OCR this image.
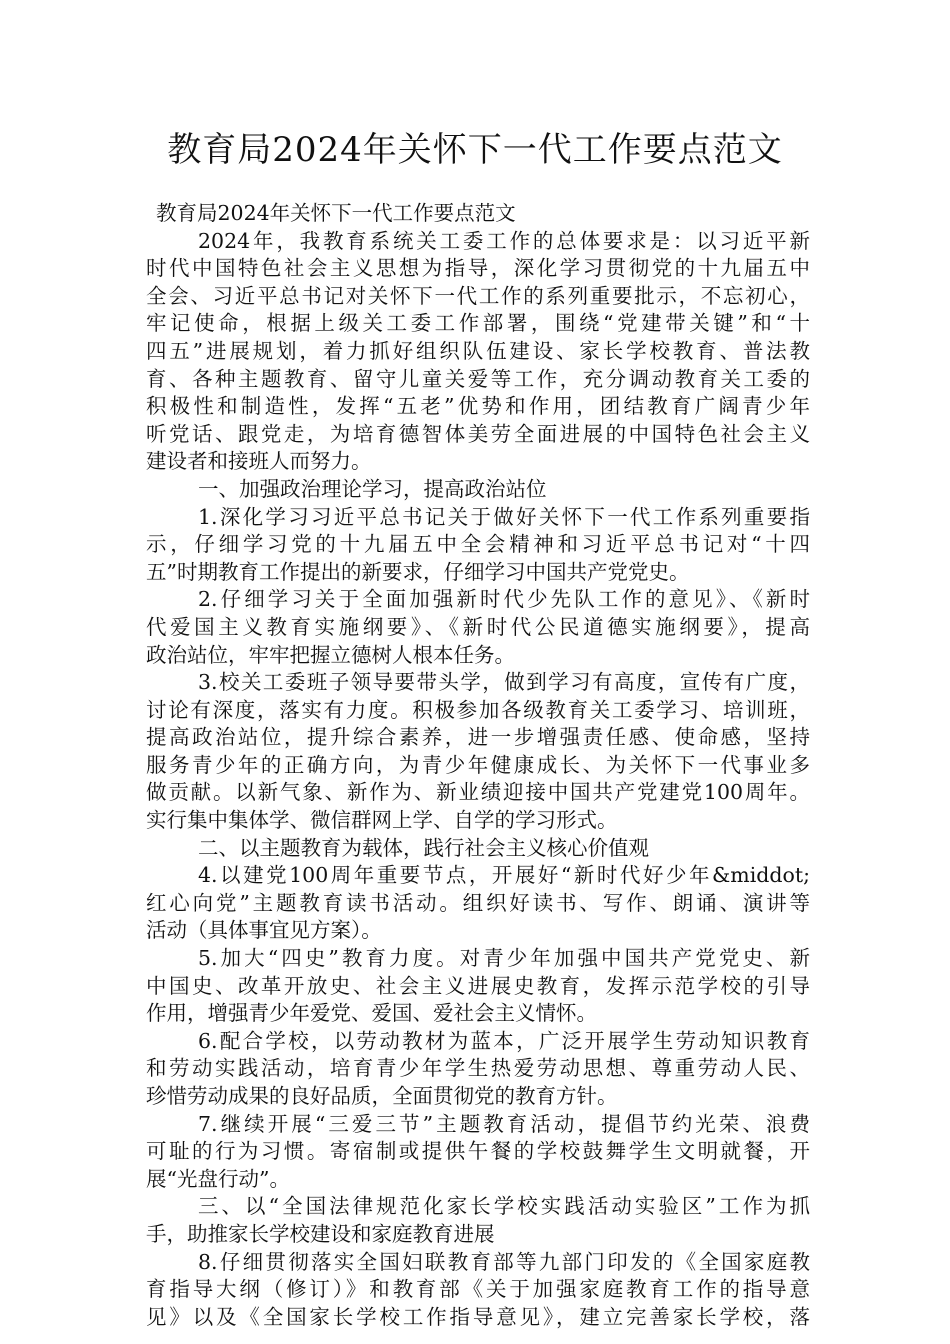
教育局2024年关怀下一代工作要点范文
教育局2024年关怀下一代工作要点范文
2024年，我教育系统关工委工作的总体要求是：以习近平新
时代中国特色社会主义思想为指导，深化学习贯彻党的十九届五中
全会、习近平总书记对关怀下一代工作的系列重要批示，不忘初心，
牢记使命，根据上级关工委工作部署，围绕“党建带关键”和“十
四五”进展规划，着力抓好组织队伍建设、家长学校教育、普法教
育、各种主题教育、留守儿童关爱等工作，充分调动教育关工委的
积极性和制造性，发挥“五老”优势和作用，团结教育广阔青少年
听党话、跟党走，为培育德智体美劳全面进展的中国特色社会主义
建设者和接班人而努力。
一、加强政治理论学习，提高政治站位
1.深化学习习近平总书记关于做好关怀下一代工作系列重要指
示，仔细学习党的十九届五中全会精神和习近平总书记对“十四
五”时期教育工作提出的新要求，仔细学习中国共产党党史。
2.仔细学习关于全面加强新时代少先队工作的意见》、《新时
代爱国主义教育实施纲要》、《新时代公民道德实施纲要》，提高
政治站位，牢牢把握立德树人根本任务。
3.校关工委班子领导要带头学，做到学习有高度，宣传有广度，
讨论有深度，落实有力度。积极参加各级教育关工委学习、培训班，
提高政治站位，提升综合素养，进一步增强责任感、使命感，坚持
服务青少年的正确方向，为青少年健康成长、为关怀下一代事业多
做贡献。以新气象、新作为、新业绩迎接中国共产党建党100周年。
实行集中集体学、微信群网上学、自学的学习形式。
二、以主题教育为载体，践行社会主义核心价值观
4.以建党100周年重要节点，开展好“新时代好少年&middot;
红心向党”主题教育读书活动。组织好读书、写作、朗诵、演讲等
活动（具体事宜见方案）。
5.加大“四史”教育力度。对青少年加强中国共产党党史、新
中国史、改革开放史、社会主义进展史教育，发挥示范学校的引导
作用，增强青少年爱党、爱国、爱社会主义情怀。
6.配合学校，以劳动教材为蓝本，广泛开展学生劳动知识教育
和劳动实践活动，培育青少年学生热爱劳动思想、尊重劳动人民、
珍惜劳动成果的良好品质，全面贯彻党的教育方针。
7.继续开展“三爱三节”主题教育活动，提倡节约光荣、浪费
可耻的行为习惯。寄宿制或提供午餐的学校鼓舞学生文明就餐，开
展“光盘行动”。
三、以“全国法律规范化家长学校实践活动实验区”工作为抓
手，助推家长学校建设和家庭教育进展
8.仔细贯彻落实全国妇联教育部等九部门印发的《全国家庭教
育指导大纲（修订）》和教育部《关于加强家庭教育工作的指导意
见》以及《全国家长学校工作指导意见》，建立完善家长学校，落
